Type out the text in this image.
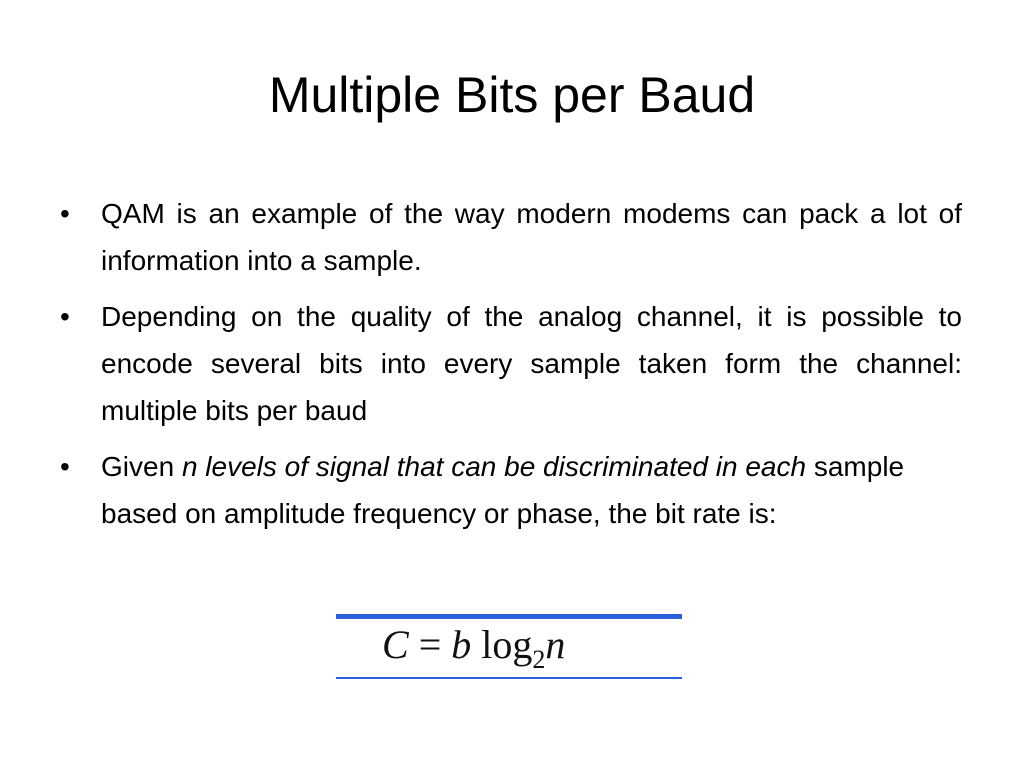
Multiple Bits per Baud
•	QAM is an example of the way modern modems can pack a lot of information into a sample.
•	Depending on the quality of the analog channel, it is possible to encode several bits into every sample taken form the channel: multiple bits per baud
•	Given n levels of signal that can be discriminated in each sample based on amplitude frequency or phase, the bit rate is:
C = b $\log_2n$
